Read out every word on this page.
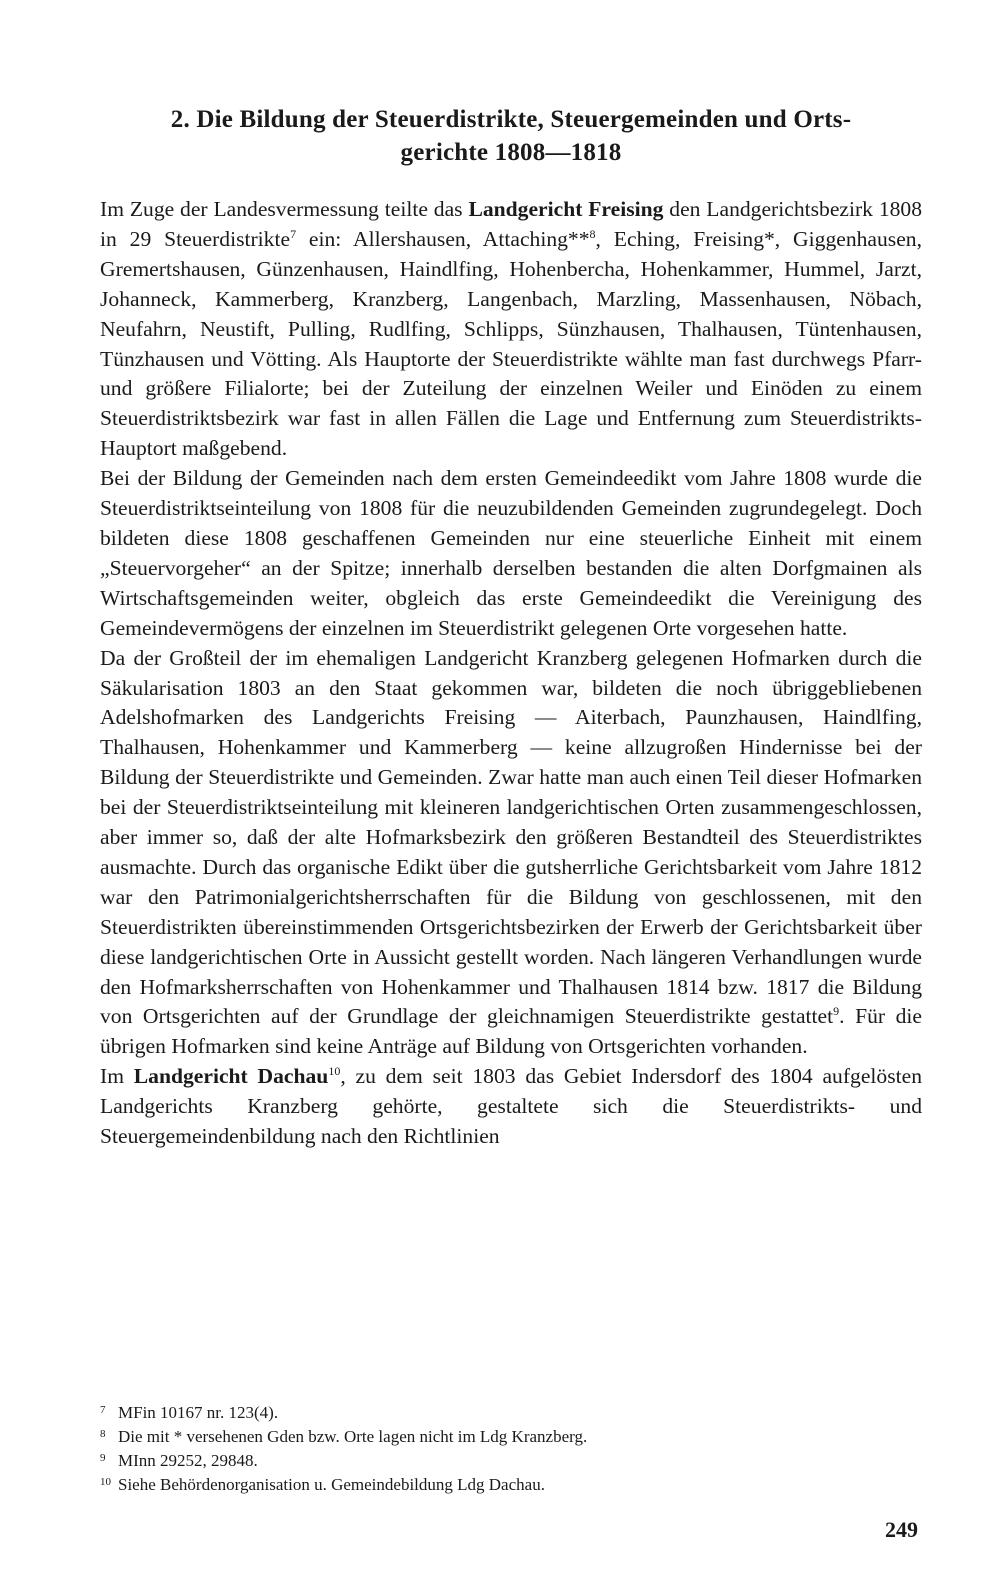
2. Die Bildung der Steuerdistrikte, Steuergemeinden und Orts-
gerichte 1808—1818

Im Zuge der Landesvermessung teilte das Landgericht Freising den Landgerichtsbezirk 1808 in 29 Steuerdistrikte$^7$ ein: Allershausen, Attaching**$^8$, Eching, Freising*, Giggenhausen, Gremertshausen, Günzenhausen, Haindlfing, Hohenbercha, Hohenkammer, Hummel, Jarzt, Johanneck, Kammerberg, Kranzberg, Langenbach, Marzling, Massenhausen, Nöbach, Neufahrn, Neustift, Pulling, Rudlfing, Schlipps, Sünzhausen, Thalhausen, Tüntenhausen, Tünzhausen und Vötting. Als Hauptorte der Steuerdistrikte wählte man fast durchwegs Pfarr- und größere Filialorte; bei der Zuteilung der einzelnen Weiler und Einöden zu einem Steuerdistriktsbezirk war fast in allen Fällen die Lage und Entfernung zum Steuerdistrikts-Hauptort maßgebend.

Bei der Bildung der Gemeinden nach dem ersten Gemeindeedikt vom Jahre 1808 wurde die Steuerdistriktseinteilung von 1808 für die neuzubildenden Gemeinden zugrundegelegt. Doch bildeten diese 1808 geschaffenen Gemeinden nur eine steuerliche Einheit mit einem „Steuervorgeher“ an der Spitze; innerhalb derselben bestanden die alten Dorfgmainen als Wirtschaftsgemeinden weiter, obgleich das erste Gemeindeedikt die Vereinigung des Gemeindevermögens der einzelnen im Steuerdistrikt gelegenen Orte vorgesehen hatte.

Da der Großteil der im ehemaligen Landgericht Kranzberg gelegenen Hofmarken durch die Säkularisation 1803 an den Staat gekommen war, bildeten die noch übriggebliebenen Adelshofmarken des Landgerichts Freising — Aiterbach, Paunzhausen, Haindlfing, Thalhausen, Hohenkammer und Kammerberg — keine allzugroßen Hindernisse bei der Bildung der Steuerdistrikte und Gemeinden. Zwar hatte man auch einen Teil dieser Hofmarken bei der Steuerdistriktseinteilung mit kleineren landgerichtischen Orten zusammengeschlossen, aber immer so, daß der alte Hofmarksbezirk den größeren Bestandteil des Steuerdistriktes ausmachte. Durch das organische Edikt über die gutsherrliche Gerichtsbarkeit vom Jahre 1812 war den Patrimonialgerichtsherrschaften für die Bildung von geschlossenen, mit den Steuerdistrikten übereinstimmenden Ortsgerichtsbezirken der Erwerb der Gerichtsbarkeit über diese landgerichtischen Orte in Aussicht gestellt worden. Nach längeren Verhandlungen wurde den Hofmarksherrschaften von Hohenkammer und Thalhausen 1814 bzw. 1817 die Bildung von Ortsgerichten auf der Grundlage der gleichnamigen Steuerdistrikte gestattet$^9$. Für die übrigen Hofmarken sind keine Anträge auf Bildung von Ortsgerichten vorhanden.

Im Landgericht Dachau$^{10}$, zu dem seit 1803 das Gebiet Indersdorf des 1804 aufgelösten Landgerichts Kranzberg gehörte, gestaltete sich die Steuerdistrikts- und Steuergemeindenbildung nach den Richtlinien

7 MFin 10167 nr. 123(4).
8 Die mit * versehenen Gden bzw. Orte lagen nicht im Ldg Kranzberg.
9 MInn 29252, 29848.
10 Siehe Behördenorganisation u. Gemeindebildung Ldg Dachau.
249
